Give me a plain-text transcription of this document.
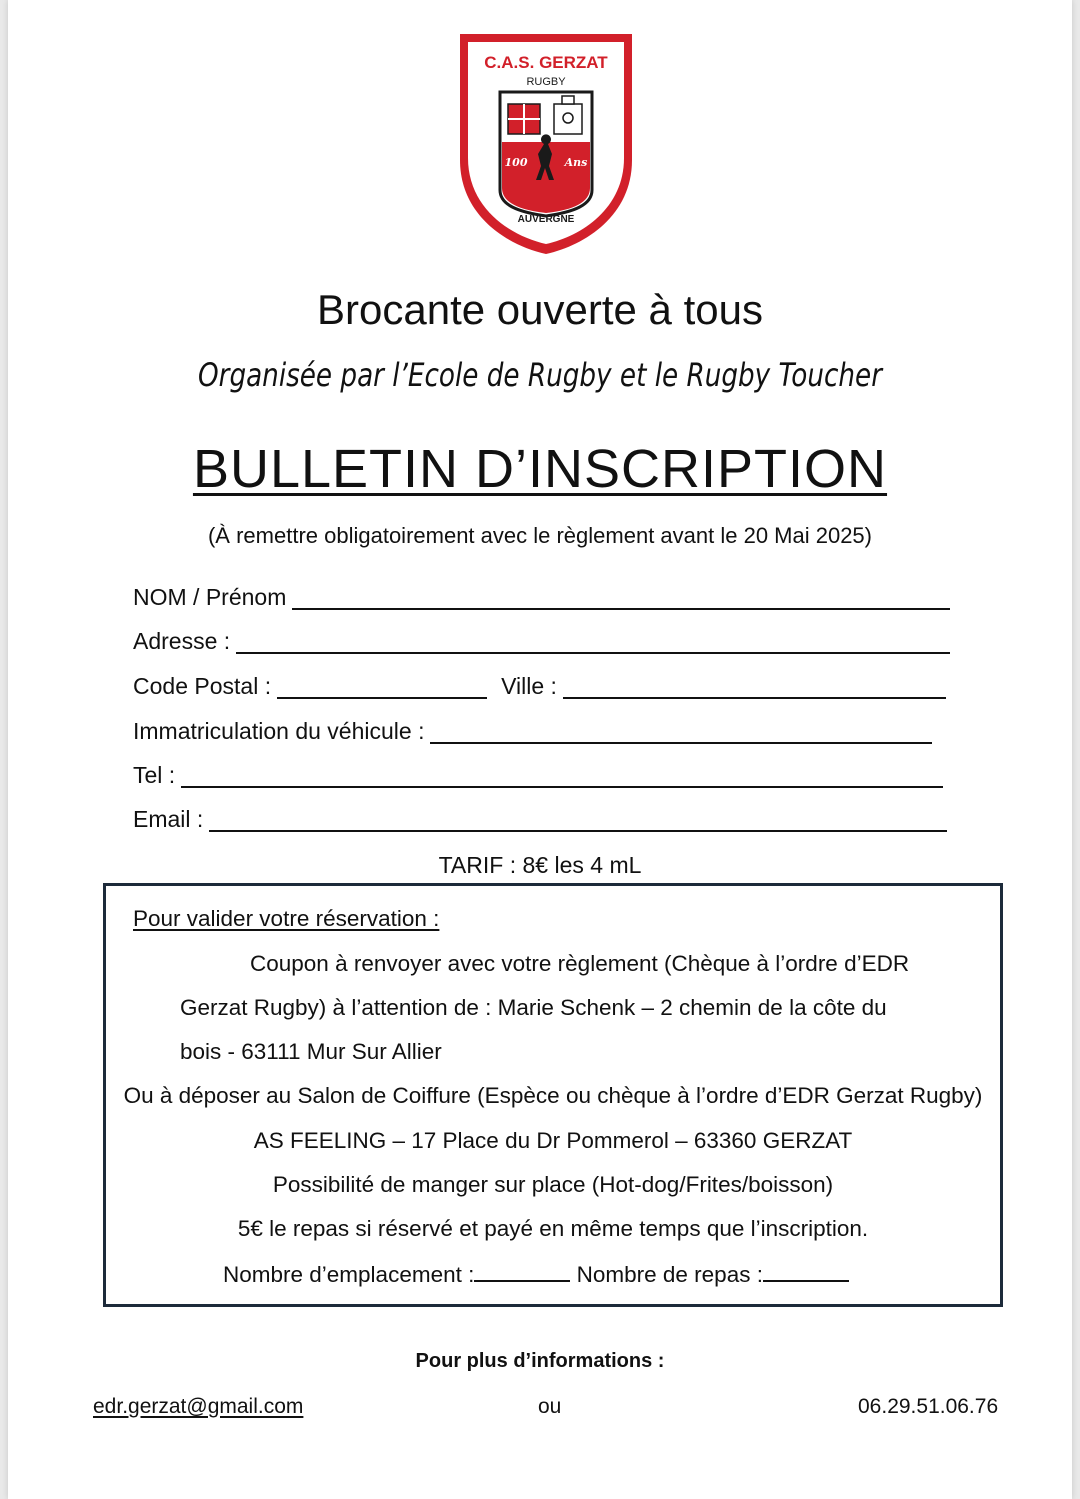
C.A.S. GERZAT
RUGBY
100	Ans
AUVERGNE
Brocante ouverte à tous
Organisée par l’Ecole de Rugby et le Rugby Toucher
BULLETIN D’INSCRIPTION
(À remettre obligatoirement avec le règlement avant le 20 Mai 2025)
NOM / Prénom
Adresse :
Code Postal :	Ville :
Immatriculation du véhicule :
Tel :
Email :
TARIF : 8€ les 4 mL
Pour valider votre réservation :
Coupon à renvoyer avec votre règlement (Chèque à l’ordre d’EDR
Gerzat Rugby) à l’attention de : Marie Schenk – 2 chemin de la côte du
bois - 63111 Mur Sur Allier
Ou à déposer au Salon de Coiffure (Espèce ou chèque à l’ordre d’EDR Gerzat Rugby)
AS FEELING – 17 Place du Dr Pommerol – 63360 GERZAT
Possibilité de manger sur place (Hot-dog/Frites/boisson)
5€ le repas si réservé et payé en même temps que l’inscription.
Nombre d’emplacement :	Nombre de repas :
Pour plus d’informations :
edr.gerzat@gmail.com	ou	06.29.51.06.76
